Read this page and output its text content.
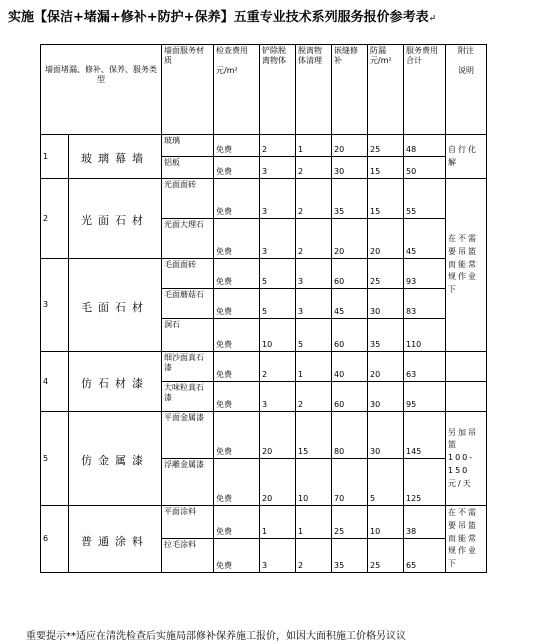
实施【保洁+堵漏+修补+防护+保养】五重专业技术系列服务报价参考表↵
墙面堵漏、修补、保养、服务类型		墙面服务材质	检查费用

元/m²	铲除脱离物体	脱离物体清理	嵌缝修补	防漏元/m²	服务费用合计	附注

说明
1	玻璃幕墙	玻璃	免费	2	1	20	25	48	自行化解
		铝板	免费	3	2	30	15	50	
2	光面石材	光面面砖	免费	3	2	35	15	55	在不需要吊篮而能常规作业下
		光面大理石	免费	3	2	20	20	45	
3	毛面石材	毛面面砖	免费	5	3	60	25	93	
		毛面蘑菇石	免费	5	3	45	30	83	
		洞石	免费	10	5	60	35	110	
4	仿石材漆	细沙面真石漆	免费	2	1	40	20	63	
		大味粒真石漆	免费	3	2	60	30	95	
5	仿金属漆	平面金属漆	免费	20	15	80	30	145	另加吊篮 100-150 元/天
		浮雕金属漆	免费	20	10	70	5	125	
6	普通涂料	平面涂料	免费	1	1	25	10	38	在不需要吊篮而能常规作业下
		拉毛涂料	免费	3	2	35	25	65	
重要提示**适应在清洗检查后实施局部修补保养施工报价，如因大面积施工价格另议议
